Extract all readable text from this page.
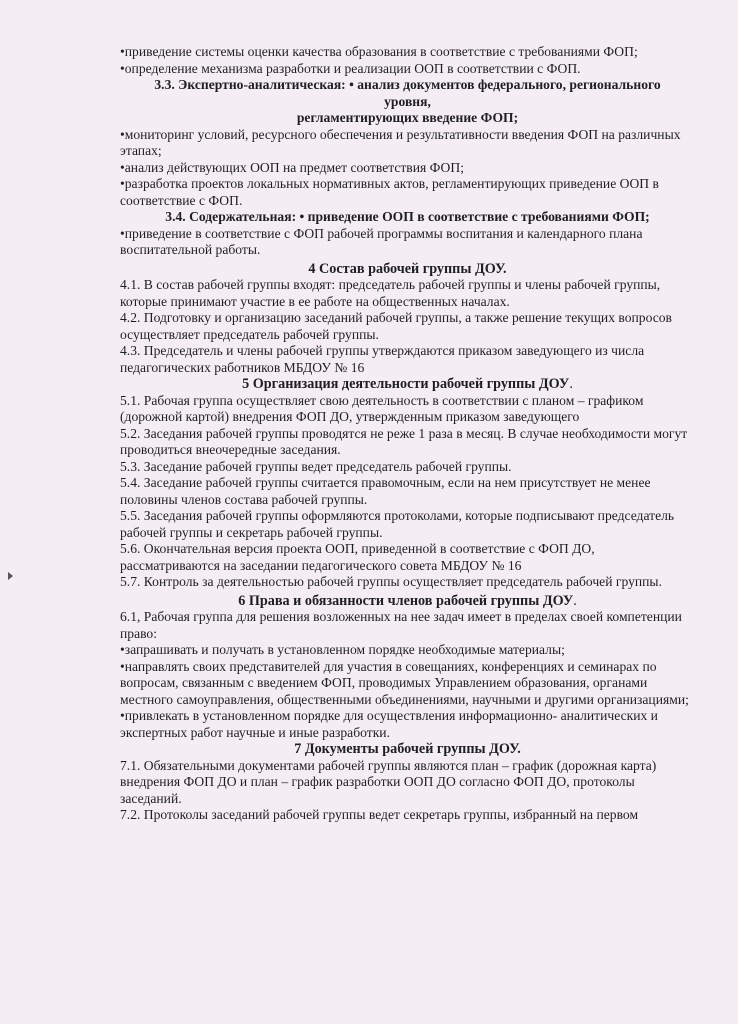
•приведение системы оценки качества образования в соответствие с требованиями ФОП;

•определение механизма разработки и реализации ООП в соответствии с ФОП.

3.3. Экспертно-аналитическая: • анализ документов федерального, регионального

уровня,

регламентирующих введение ФОП;

•мониторинг условий, ресурсного обеспечения и результативности введения ФОП на различных этапах;

•анализ действующих ООП на предмет соответствия ФОП;

•разработка проектов локальных нормативных актов, регламентирующих приведение ООП в соответствие с ФОП.

3.4. Содержательная: • приведение ООП в соответствие с требованиями ФОП;

•приведение в соответствие с ФОП рабочей программы воспитания и календарного плана воспитательной работы.

4 Состав рабочей группы ДОУ.

4.1. В состав рабочей группы входят: председатель рабочей группы и члены рабочей группы, которые принимают участие в ее работе на общественных началах.

4.2. Подготовку и организацию заседаний рабочей группы, а также решение текущих вопросов осуществляет председатель рабочей группы.

4.3. Председатель и члены рабочей группы утверждаются приказом заведующего из числа педагогических работников МБДОУ № 16

5 Организация деятельности рабочей группы ДОУ.

5.1. Рабочая группа осуществляет свою деятельность в соответствии с планом – графиком (дорожной картой) внедрения ФОП ДО, утвержденным приказом заведующего

5.2. Заседания рабочей группы проводятся не реже 1 раза в месяц. В случае необходимости могут проводиться внеочередные заседания.

5.3. Заседание рабочей группы ведет председатель рабочей группы.

5.4. Заседание рабочей группы считается правомочным, если на нем присутствует не менее половины членов состава рабочей группы.

5.5. Заседания рабочей группы оформляются протоколами, которые подписывают председатель рабочей группы и секретарь рабочей группы.

5.6. Окончательная версия проекта ООП, приведенной в соответствие с ФОП ДО, рассматриваются на заседании педагогического совета МБДОУ № 16

5.7. Контроль за деятельностью рабочей группы осуществляет председатель рабочей группы.

6 Права и обязанности членов рабочей группы ДОУ.

6.1, Рабочая группа для решения возложенных на нее задач имеет в пределах своей компетенции

право:

•запрашивать и получать в установленном порядке необходимые материалы;

•направлять своих представителей для участия в совещаниях, конференциях и семинарах по вопросам, связанным с введением ФОП, проводимых Управлением образования, органами

местного самоуправления, общественными объединениями, научными и другими организациями;

•привлекать в установленном порядке для осуществления информационно- аналитических и экспертных работ научные и иные разработки.

7 Документы рабочей группы ДОУ.

7.1. Обязательными документами рабочей группы являются план – график (дорожная карта)

внедрения ФОП ДО и план – график разработки ООП ДО согласно ФОП ДО, протоколы заседаний.

7.2. Протоколы заседаний рабочей группы ведет секретарь группы, избранный на первом
